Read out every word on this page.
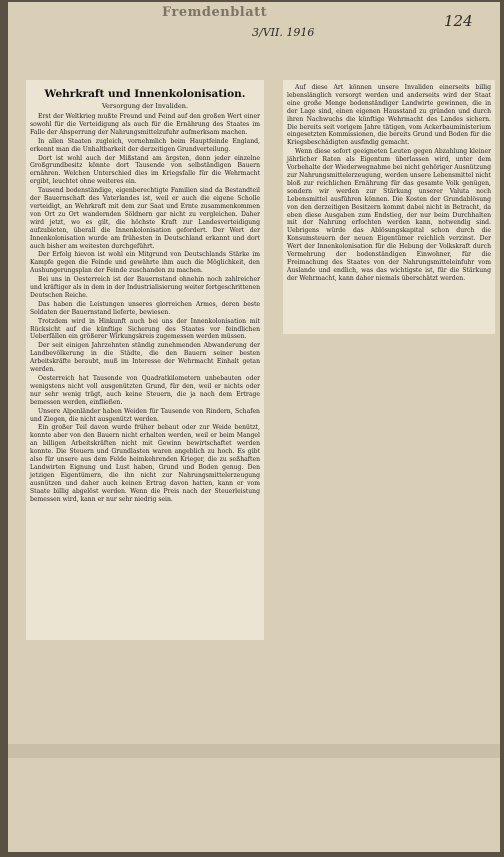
Fremdenblatt
3/VII. 1916
124
Wehrkraft und Innenkolonisation.
Versorgung der Invaliden.
Erst der Weltkrieg mußte Freund und Feind auf den großen Wert einer sowohl für die Verteidigung als auch für die Ernährung des Staates im Falle der Absperrung der Nahrungsmittelzufuhr aufmerksam machen.
In allen Staaten zugleich, vornehmlich beim Hauptfeinde England, erkennt man die Unhaltbarkeit der derzeitigen Grundverteilung.
Dort ist wohl auch der Mißstand am ärgsten, denn jeder einzelne Großgrundbesitz könnte dort Tausende von selbständigen Bauern ernähren. Welchen Unterschied dies im Kriegsfalle für die Wehrmacht ergibt, leuchtet ohne weiteres ein.
Tausend bodenständige, eigenberechtigte Familien sind da Bestandteil der Bauernschaft des Vaterlandes ist, weil er auch die eigene Scholle verteidigt, an Wehrkraft mit dem zur Saat und Ernte zusammenkommen von Ort zu Ort wandernden Söldnern gar nicht zu vergleichen. Daher wird jetzt, wo es gilt, die höchste Kraft zur Landesverteidigung aufzubieten, überall die Innenkolonisation gefordert. Der Wert der Innenkolonisation wurde am frühesten in Deutschland erkannt und dort auch bisher am weitesten durchgeführt.
Der Erfolg hievon ist wohl ein Mitgrund von Deutschlands Stärke im Kampfe gegen die Feinde und gewährte ihm auch die Möglichkeit, den Aushungerungsplan der Feinde zuschanden zu machen.
Bei uns in Oesterreich ist der Bauernstand ohnehin noch zahlreicher und kräftiger als in dem in der Industrialisierung weiter fortgeschrittenen Deutschen Reiche.
Das haben die Leistungen unseres glorreichen Armes, deren beste Soldaten der Bauernstand lieferte, bewiesen.
Trotzdem wird in Hinkunft auch bei uns der Innenkolonisation mit Rücksicht auf die künftige Sicherung des Staates vor feindlichen Ueberfällen ein größerer Wirkungskreis zugemessen werden müssen.
Der seit einigen Jahrzehnten ständig zunehmenden Abwanderung der Landbevölkerung in die Städte, die den Bauern seiner besten Arbeitskräfte beraubt, muß im Interesse der Wehrmacht Einhalt getan werden.
Oesterreich hat Tausende von Quadratkilometern unbebauten oder wenigstens nicht voll ausgenützten Grund, für den, weil er nichts oder nur sehr wenig trägt, auch keine Steuern, die ja nach dem Ertrage bemessen werden, einfließen.
Unsere Alpenländer haben Weiden für Tausende von Rindern, Schafen und Ziegen, die nicht ausgenützt werden.
Ein großer Teil davon wurde früher bebaut oder zur Weide benützt, konnte aber von den Bauern nicht erhalten werden, weil er beim Mangel an billigen Arbeitskräften nicht mit Gewinn bewirtschaftet werden konnte. Die Steuern und Grundlasten waren angeblich zu hoch. Es gibt also für unsere aus dem Felde heimkehrenden Krieger, die zu seßhaften Landwirten Eignung und Lust haben, Grund und Boden genug. Den jetzigen Eigentümern, die ihn nicht zur Nahrungsmittelerzeugung ausnützen und daher auch keinen Ertrag davon hatten, kann er vom Staate billig abgelöst werden. Wenn die Preis nach der Steuerleistung bemessen wird, kann er nur sehr niedrig sein.
Auf diese Art können unsere Invaliden einerseits billig lebenslänglich versorgt werden und anderseits wird der Staat eine große Menge bodenständiger Landwirte gewinnen, die in der Lage sind, einen eigenen Hausstand zu gründen und durch ihren Nachwuchs die künftige Wehrmacht des Landes sichern. Die bereits seit vorigem Jahre tätigen, vom Ackerbauministerium eingesetzten Kommissionen, die bereits Grund und Boden für die Kriegsbeschädigten ausfindig gemacht.
Wenn diese sofort geeigneten Leuten gegen Abzahlung kleiner jährlicher Raten als Eigentum überlassen wird, unter dem Vorbehalte der Wiederwegnahme bei nicht gehöriger Ausnützung zur Nahrungsmittelerzeugung, werden unsere Lebensmittel nicht bloß zur reichlichen Ernährung für das gesamte Volk genügen, sondern wir werden zur Stärkung unserer Valuta noch Lebensmittel ausführen können. Die Kosten der Grundablösung von den derzeitigen Besitzern kommt dabei nicht in Betracht, da eben diese Ausgaben zum Endstieg, der nur beim Durchhalten mit der Nahrung erfochten werden kann, notwendig sind. Uebrigens würde das Ablösungskapital schon durch die Konsumsteuern der neuen Eigentümer reichlich verzinst. Der Wert der Innenkolonisation für die Hebung der Volkskraft durch Vermehrung der bodenständigen Einwohner, für die Freimachung des Staates von der Nahrungsmitteleinfuhr vom Auslande und endlich, was das wichtigste ist, für die Stärkung der Wehrmacht, kann daher niemals überschätzt werden.
